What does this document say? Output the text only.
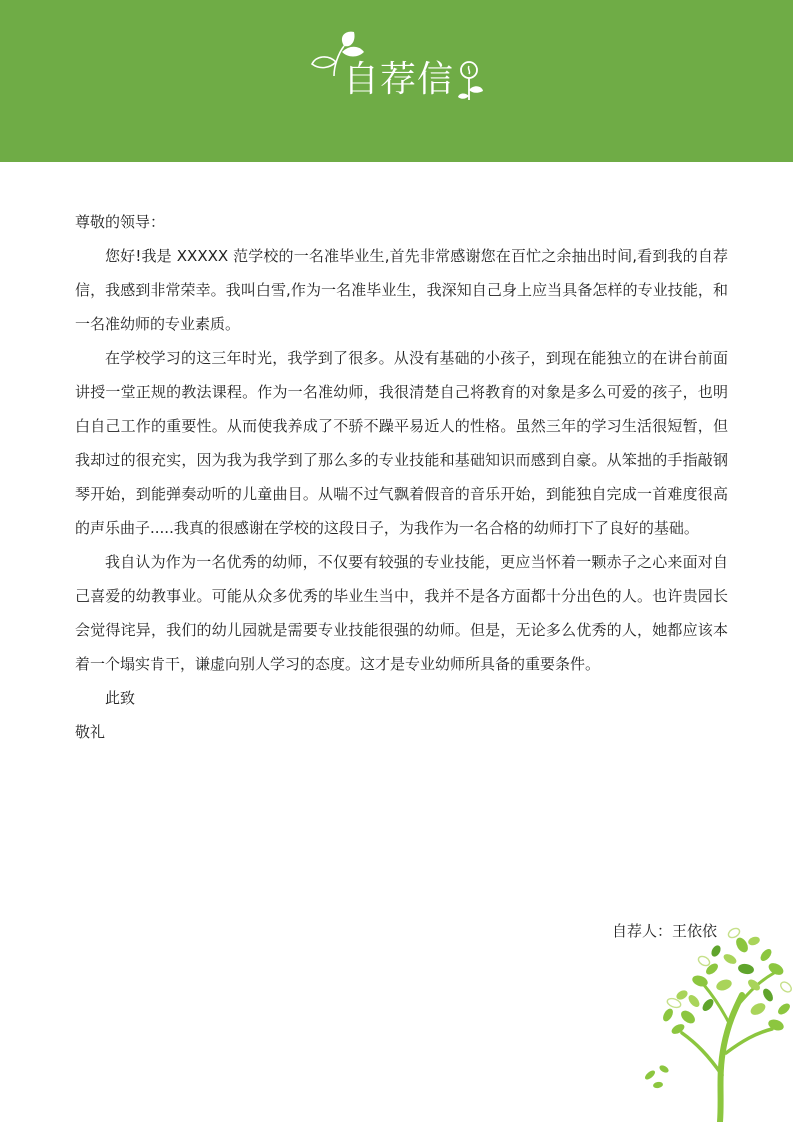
自荐信

尊敬的领导：

您好!我是 XXXXX 范学校的一名准毕业生,首先非常感谢您在百忙之余抽出时间,看到我的自荐信，我感到非常荣幸。我叫白雪,作为一名准毕业生，我深知自己身上应当具备怎样的专业技能，和一名准幼师的专业素质。

在学校学习的这三年时光，我学到了很多。从没有基础的小孩子，到现在能独立的在讲台前面讲授一堂正规的教法课程。作为一名准幼师，我很清楚自己将教育的对象是多么可爱的孩子，也明白自己工作的重要性。从而使我养成了不骄不躁平易近人的性格。虽然三年的学习生活很短暂，但我却过的很充实，因为我为我学到了那么多的专业技能和基础知识而感到自豪。从笨拙的手指敲钢琴开始，到能弹奏动听的儿童曲目。从喘不过气飘着假音的音乐开始，到能独自完成一首难度很高的声乐曲子.....我真的很感谢在学校的这段日子，为我作为一名合格的幼师打下了良好的基础。

我自认为作为一名优秀的幼师，不仅要有较强的专业技能，更应当怀着一颗赤子之心来面对自己喜爱的幼教事业。可能从众多优秀的毕业生当中，我并不是各方面都十分出色的人。也许贵园长会觉得诧异，我们的幼儿园就是需要专业技能很强的幼师。但是，无论多么优秀的人，她都应该本着一个塌实肯干，谦虚向别人学习的态度。这才是专业幼师所具备的重要条件。

此致

敬礼

自荐人：王依依
